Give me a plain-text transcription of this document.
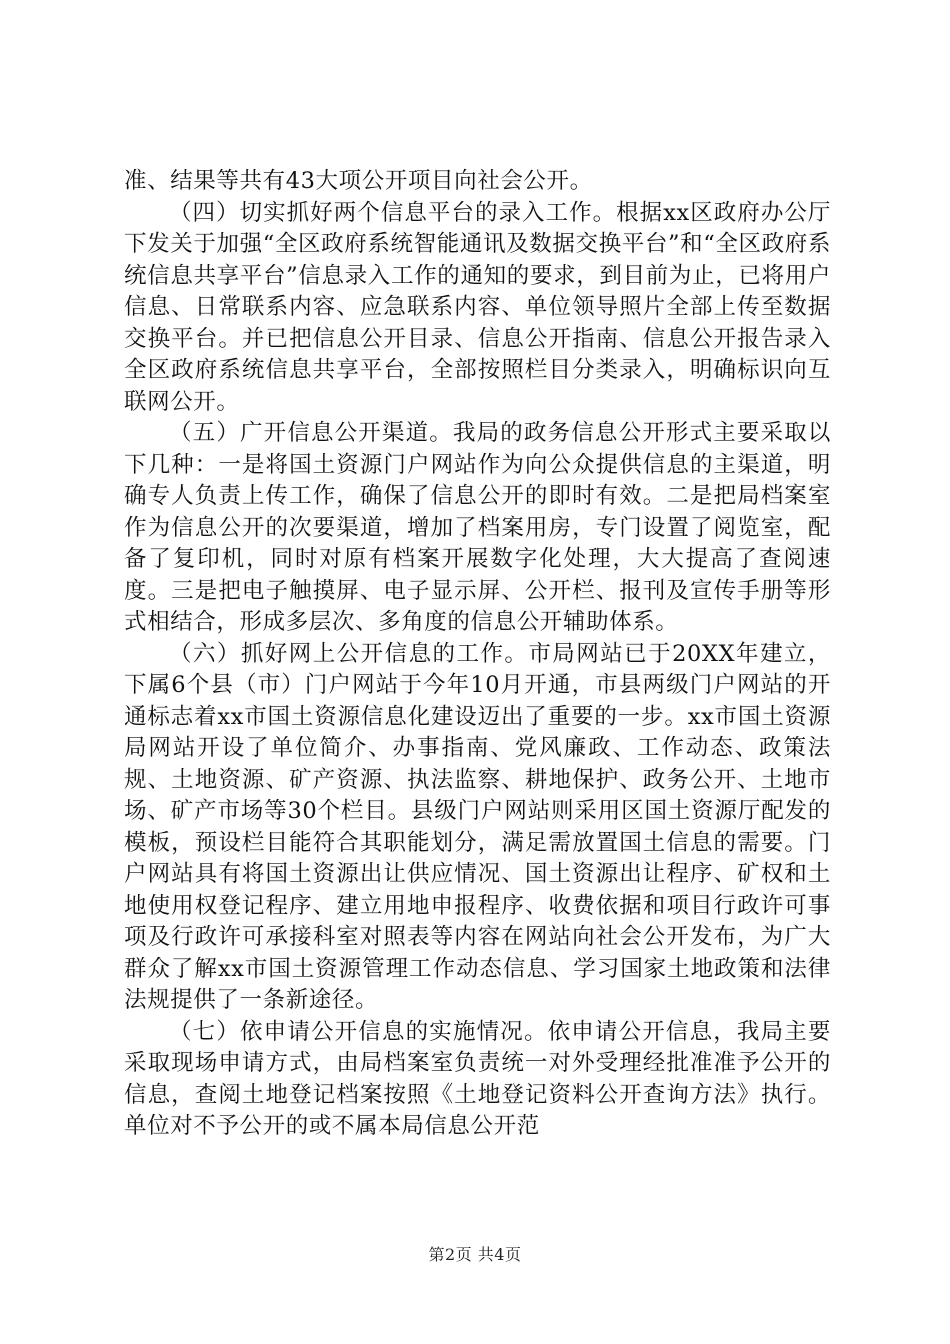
准、结果等共有43大项公开项目向社会公开。

（四）切实抓好两个信息平台的录入工作。根据xx区政府办公厅下发关于加强“全区政府系统智能通讯及数据交换平台”和“全区政府系统信息共享平台”信息录入工作的通知的要求，到目前为止，已将用户信息、日常联系内容、应急联系内容、单位领导照片全部上传至数据交换平台。并已把信息公开目录、信息公开指南、信息公开报告录入全区政府系统信息共享平台，全部按照栏目分类录入，明确标识向互联网公开。

（五）广开信息公开渠道。我局的政务信息公开形式主要采取以下几种：一是将国土资源门户网站作为向公众提供信息的主渠道，明确专人负责上传工作，确保了信息公开的即时有效。二是把局档案室作为信息公开的次要渠道，增加了档案用房，专门设置了阅览室，配备了复印机，同时对原有档案开展数字化处理，大大提高了查阅速度。三是把电子触摸屏、电子显示屏、公开栏、报刊及宣传手册等形式相结合，形成多层次、多角度的信息公开辅助体系。

（六）抓好网上公开信息的工作。市局网站已于20XX年建立，下属6个县（市）门户网站于今年10月开通，市县两级门户网站的开通标志着xx市国土资源信息化建设迈出了重要的一步。xx市国土资源局网站开设了单位简介、办事指南、党风廉政、工作动态、政策法规、土地资源、矿产资源、执法监察、耕地保护、政务公开、土地市场、矿产市场等30个栏目。县级门户网站则采用区国土资源厅配发的模板，预设栏目能符合其职能划分，满足需放置国土信息的需要。门户网站具有将国土资源出让供应情况、国土资源出让程序、矿权和土地使用权登记程序、建立用地申报程序、收费依据和项目行政许可事项及行政许可承接科室对照表等内容在网站向社会公开发布，为广大群众了解xx市国土资源管理工作动态信息、学习国家土地政策和法律法规提供了一条新途径。

（七）依申请公开信息的实施情况。依申请公开信息，我局主要采取现场申请方式，由局档案室负责统一对外受理经批准准予公开的信息，查阅土地登记档案按照《土地登记资料公开查询方法》执行。单位对不予公开的或不属本局信息公开范

第2页 共4页
